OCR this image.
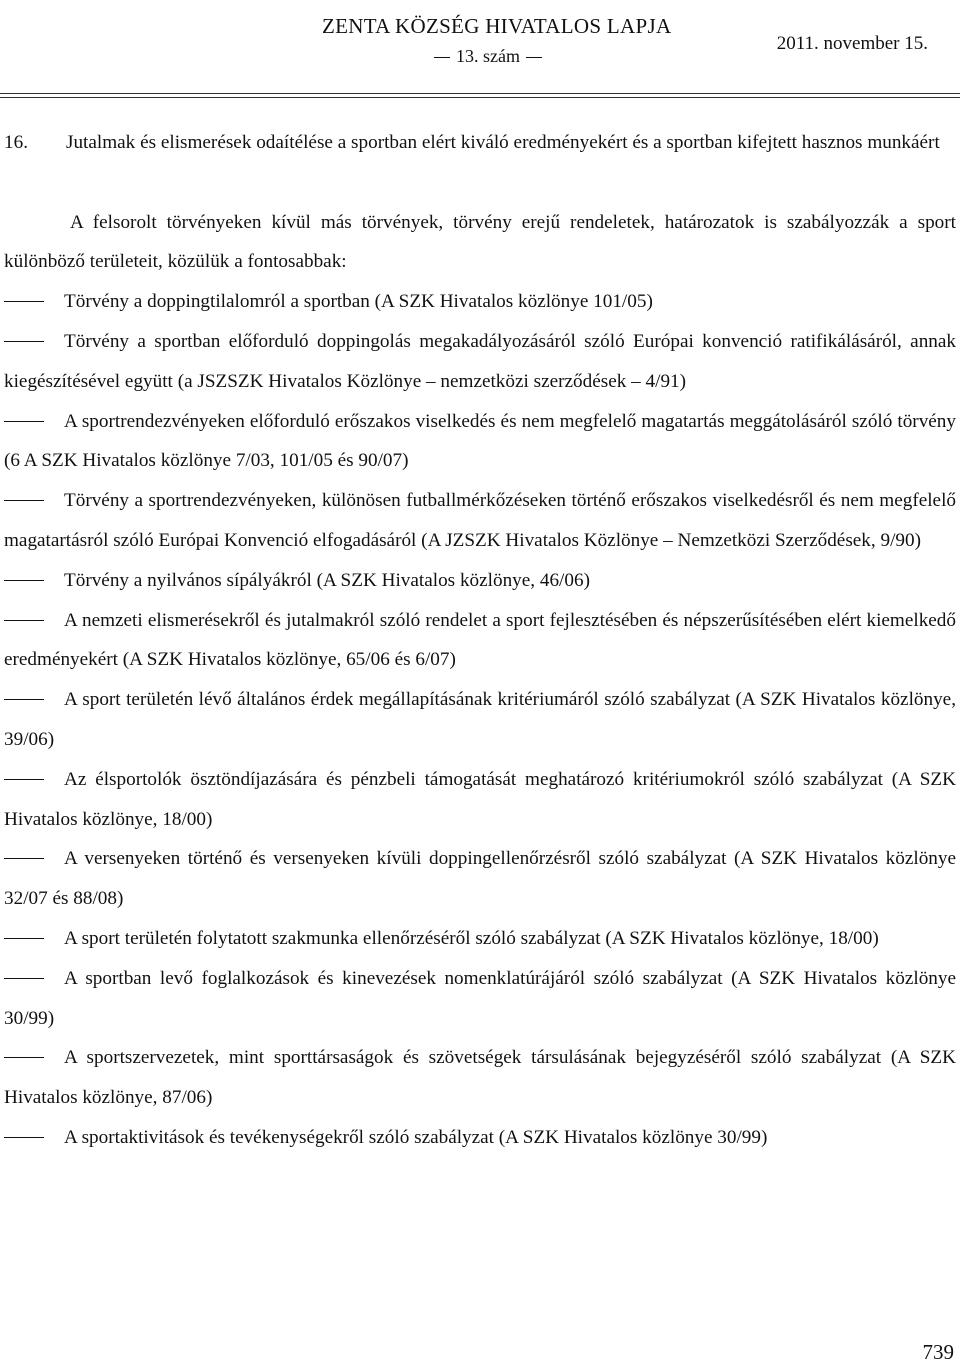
ZENTA KÖZSÉG HIVATALOS LAPJA
13. szám
2011. november 15.

16. Jutalmak és elismerések odaítélése a sportban elért kiváló eredményekért és a sportban kifejtett hasznos munkáért

A felsorolt törvényeken kívül más törvények, törvény erejű rendeletek, határozatok is szabályozzák a sport különböző területeit, közülük a fontosabbak:

Törvény a doppingtilalomról a sportban (A SZK Hivatalos közlönye 101/05)
Törvény a sportban előforduló doppingolás megakadályozásáról szóló Európai konvenció ratifikálásáról, annak kiegészítésével együtt (a JSZSZK Hivatalos Közlönye – nemzetközi szerződések – 4/91)
A sportrendezvényeken előforduló erőszakos viselkedés és nem megfelelő magatartás meggátolásáról szóló törvény (6 A SZK Hivatalos közlönye 7/03, 101/05 és 90/07)
Törvény a sportrendezvényeken, különösen futballmérkőzéseken történő erőszakos viselkedésről és nem megfelelő magatartásról szóló Európai Konvenció elfogadásáról (A JZSZK Hivatalos Közlönye – Nemzetközi Szerződések, 9/90)
Törvény a nyilvános sípályákról (A SZK Hivatalos közlönye, 46/06)
A nemzeti elismerésekről és jutalmakról szóló rendelet a sport fejlesztésében és népszerűsítésében elért kiemelkedő eredményekért (A SZK Hivatalos közlönye, 65/06 és 6/07)
A sport területén lévő általános érdek megállapításának kritériumáról szóló szabályzat (A SZK Hivatalos közlönye, 39/06)
Az élsportolók ösztöndíjazására és pénzbeli támogatását meghatározó kritériumokról szóló szabályzat (A SZK Hivatalos közlönye, 18/00)
A versenyeken történő és versenyeken kívüli doppingellenőrzésről szóló szabályzat (A SZK Hivatalos közlönye 32/07 és 88/08)
A sport területén folytatott szakmunka ellenőrzéséről szóló szabályzat (A SZK Hivatalos közlönye, 18/00)
A sportban levő foglalkozások és kinevezések nomenklatúrájáról szóló szabályzat (A SZK Hivatalos közlönye 30/99)
A sportszervezetek, mint sporttársaságok és szövetségek társulásának bejegyzéséről szóló szabályzat (A SZK Hivatalos közlönye, 87/06)
A sportaktivitások és tevékenységekről szóló szabályzat (A SZK Hivatalos közlönye 30/99)
739
